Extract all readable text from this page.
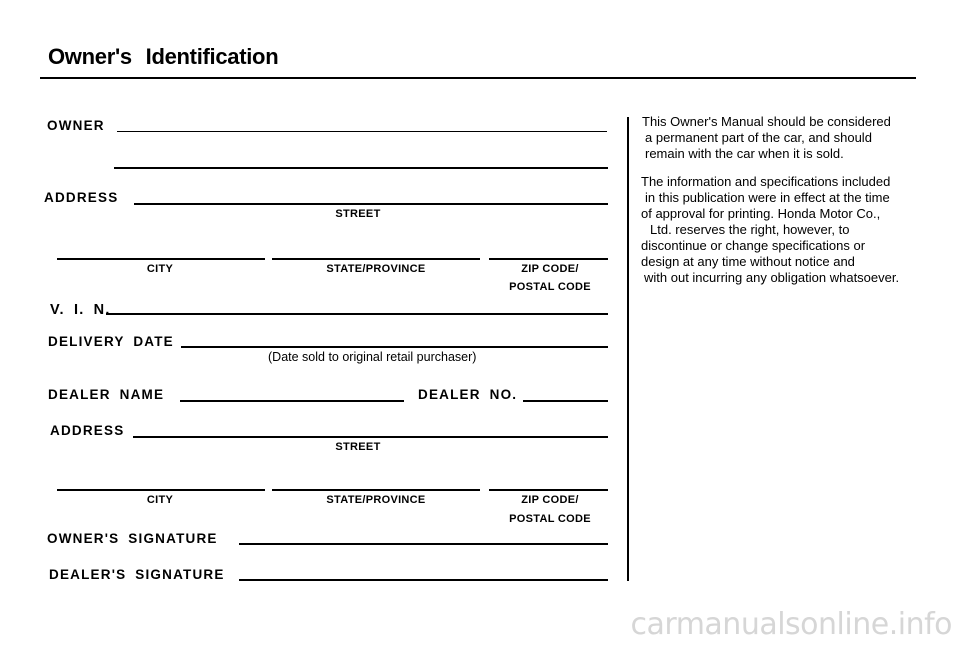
Owner's Identification
OWNER
ADDRESS
STREET
CITY	STATE/PROVINCE	ZIP CODE/
POSTAL CODE
V. I. N.
DELIVERY DATE
(Date sold to original retail purchaser)
DEALER NAME	DEALER NO.
ADDRESS
STREET
CITY	STATE/PROVINCE	ZIP CODE/
POSTAL CODE
OWNER'S SIGNATURE
DEALER'S SIGNATURE

This Owner's Manual should be considered
a permanent part of the car, and should
remain with the car when it is sold.

The information and specifications included
in this publication were in effect at the time
of approval for printing. Honda Motor Co.,
Ltd. reserves the right, however, to
discontinue or change specifications or
design at any time without notice and
with out incurring any obligation whatsoever.

carmanualsonline.info
